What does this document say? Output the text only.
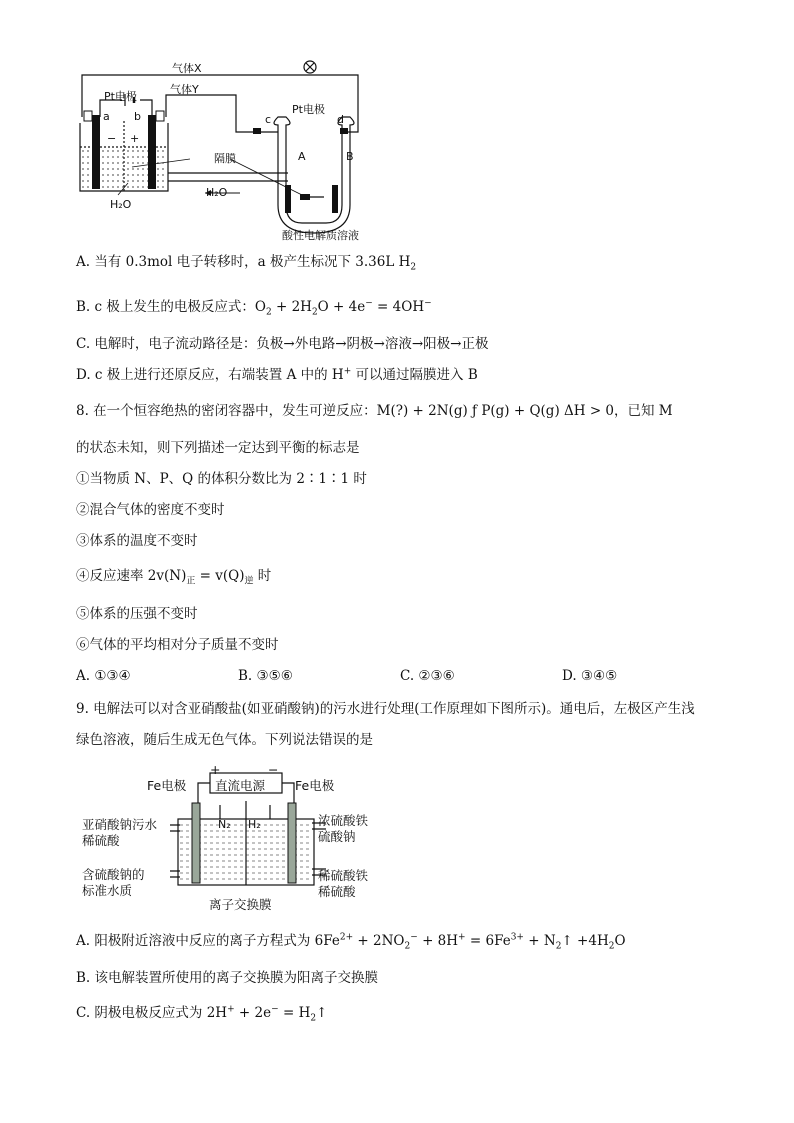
气体X
气体Y
Pt电极
Pt电极
a b	c	d
− +
隔膜
H₂O
H₂O
A	B
酸性电解质溶液
A. 当有 0.3mol 电子转移时，a 极产生标况下 3.36L $H_2$
B. c 极上发生的电极反应式：$O_2 + 2H_2O + 4e^- = 4OH^-$
C. 电解时，电子流动路径是：负极→外电路→阴极→溶液→阳极→正极
D. c 极上进行还原反应，右端装置 A 中的 H+ 可以通过隔膜进入 B
8. 在一个恒容绝热的密闭容器中，发生可逆反应：M(?) + 2N(g) ƒ P(g) + Q(g) ΔH > 0，已知 M
的状态未知，则下列描述一定达到平衡的标志是
①当物质 N、P、Q 的体积分数比为 2∶1∶1 时
②混合气体的密度不变时
③体系的温度不变时
④反应速率 $2v(N)_正 = v(Q)_逆$ 时
⑤体系的压强不变时
⑥气体的平均相对分子质量不变时
A. ①③④	B. ③⑤⑥	C. ②③⑥	D. ③④⑤
9. 电解法可以对含亚硝酸盐(如亚硝酸钠)的污水进行处理(工作原理如下图所示)。通电后，左极区产生浅
绿色溶液，随后生成无色气体。下列说法错误的是
+	−
直流电源
Fe电极	Fe电极
N₂ H₂
亚硝酸钠污水
稀硫酸
含硫酸钠的
标准水质
浓硫酸铁
硫酸钠
稀硫酸铁
稀硫酸
离子交换膜
A. 阳极附近溶液中反应的离子方程式为 $6Fe^{2+} + 2NO_2^- + 8H^+ = 6Fe^{3+}$ + $N_2↑ +4H_2O$
B. 该电解装置所使用的离子交换膜为阳离子交换膜
C. 阴极电极反应式为 $2H^+ + 2e^- = H_2↑$
